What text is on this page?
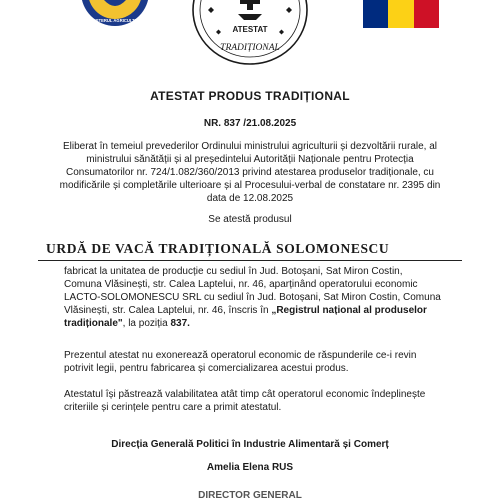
MINISTERUL AGRICULTURII
ATESTAT
TRADIȚIONAL
ATESTAT PRODUS TRADIȚIONAL
NR. 837 /21.08.2025

Eliberat în temeiul prevederilor Ordinului ministrului agriculturii și dezvoltării rurale, al ministrului sănătății și al președintelui Autorității Naționale pentru Protecția Consumatorilor nr. 724/1.082/360/2013 privind atestarea produselor tradiționale, cu modificările și completările ulterioare și al Procesului-verbal de constatare nr. 2395 din data de 12.08.2025

Se atestă produsul

URDĂ DE VACĂ TRADIȚIONALĂ SOLOMONESCU

fabricat la unitatea de producție cu sediul în Jud. Botoșani, Sat Miron Costin, Comuna Vlăsinești, str. Calea Laptelui, nr. 46, aparținând operatorului economic LACTO-SOLOMONESCU SRL cu sediul în Jud. Botoșani, Sat Miron Costin, Comuna Vlăsinești, str. Calea Laptelui, nr. 46, înscris în „Registrul național al produselor tradiționale", la poziția 837.

Prezentul atestat nu exonerează operatorul economic de răspunderile ce-i revin potrivit legii, pentru fabricarea și comercializarea acestui produs.

Atestatul își păstrează valabilitatea atât timp cât operatorul economic îndeplinește criteriile și cerințele pentru care a primit atestatul.

Direcția Generală Politici în Industrie Alimentară și Comerț
Amelia Elena RUS
DIRECTOR GENERAL
